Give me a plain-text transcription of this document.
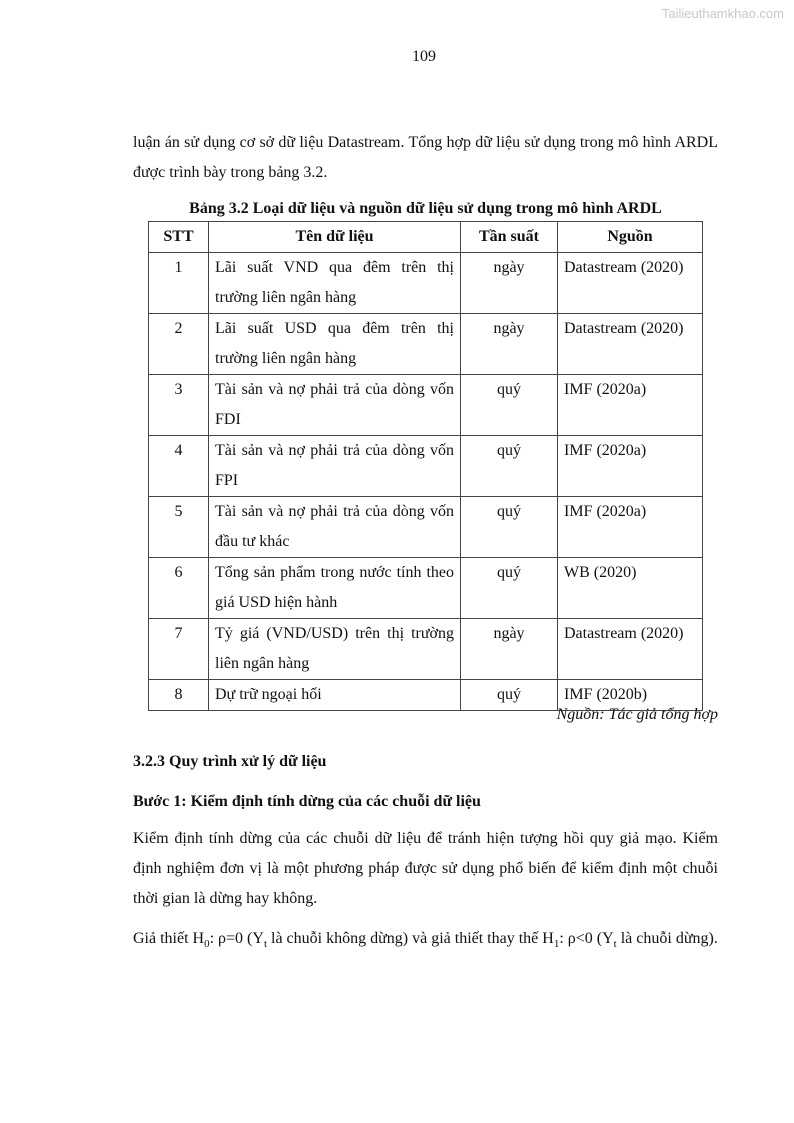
Tailieuthamkhao.com
109

luận án sử dụng cơ sở dữ liệu Datastream. Tổng hợp dữ liệu sử dụng trong mô hình ARDL được trình bày trong bảng 3.2.

Bảng 3.2 Loại dữ liệu và nguồn dữ liệu sử dụng trong mô hình ARDL
STT	Tên dữ liệu	Tần suất	Nguồn
1	Lãi suất VND qua đêm trên thị trường liên ngân hàng	ngày	Datastream (2020)
2	Lãi suất USD qua đêm trên thị trường liên ngân hàng	ngày	Datastream (2020)
3	Tài sản và nợ phải trả của dòng vốn FDI	quý	IMF (2020a)
4	Tài sản và nợ phải trả của dòng vốn FPI	quý	IMF (2020a)
5	Tài sản và nợ phải trả của dòng vốn đầu tư khác	quý	IMF (2020a)
6	Tổng sản phẩm trong nước tính theo giá USD hiện hành	quý	WB (2020)
7	Tỷ giá (VND/USD) trên thị trường liên ngân hàng	ngày	Datastream (2020)
8	Dự trữ ngoại hối	quý	IMF (2020b)
Nguồn: Tác giả tổng hợp
3.2.3 Quy trình xử lý dữ liệu
Bước 1: Kiểm định tính dừng của các chuỗi dữ liệu

Kiểm định tính dừng của các chuỗi dữ liệu để tránh hiện tượng hồi quy giả mạo. Kiểm định nghiệm đơn vị là một phương pháp được sử dụng phổ biến để kiểm định một chuỗi thời gian là dừng hay không.

Giả thiết $H_0$: ρ=0 ($Y_t$ là chuỗi không dừng) và giả thiết thay thế $H_1$: ρ<0 ($Y_t$ là chuỗi dừng).
